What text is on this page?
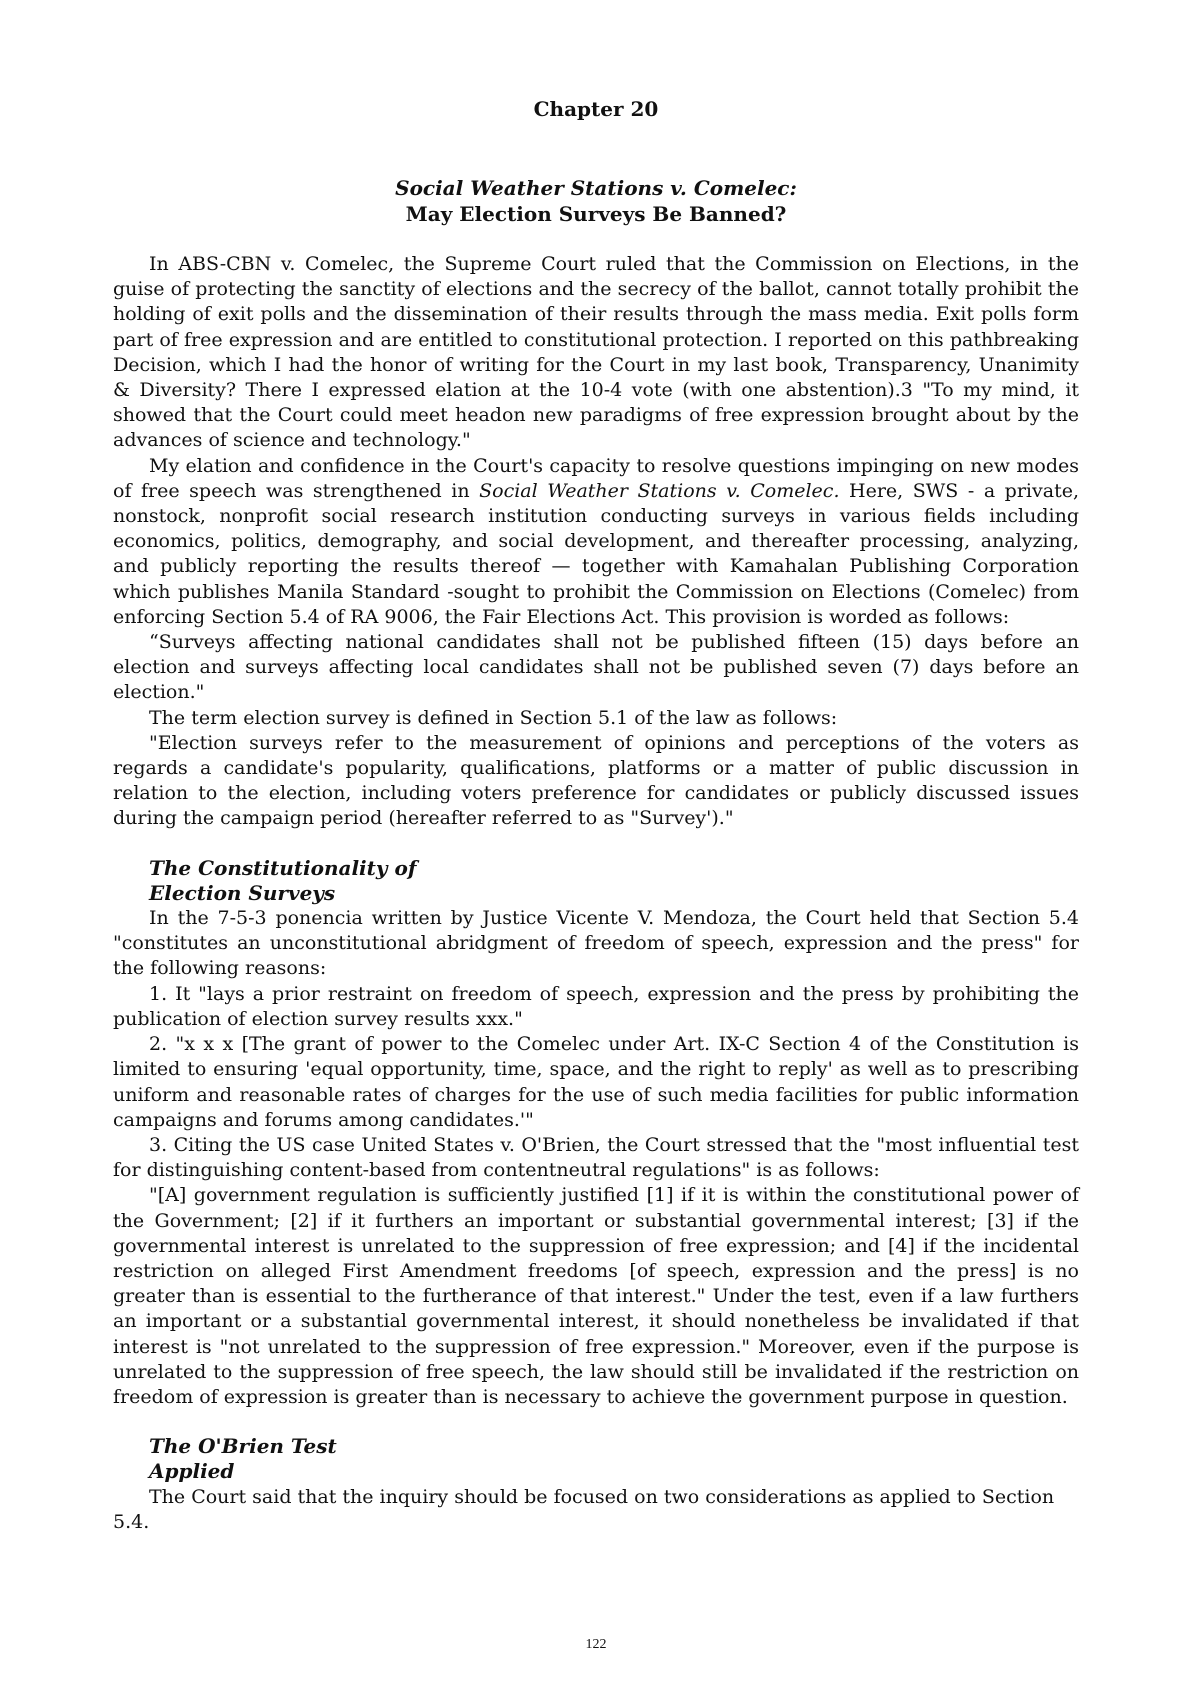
Chapter 20
Social Weather Stations v. Comelec:
May Election Surveys Be Banned?

In ABS-CBN v. Comelec, the Supreme Court ruled that the Commission on Elections, in the guise of protecting the sanctity of elections and the secrecy of the ballot, cannot totally prohibit the holding of exit polls and the dissemination of their results through the mass media. Exit polls form part of free expression and are entitled to constitutional protection. I reported on this pathbreaking Decision, which I had the honor of writing for the Court in my last book, Transparency, Unanimity & Diversity? There I expressed elation at the 10-4 vote (with one abstention).3 "To my mind, it showed that the Court could meet headon new paradigms of free expression brought about by the advances of science and technology."

My elation and confidence in the Court's capacity to resolve questions impinging on new modes of free speech was strengthened in Social Weather Stations v. Comelec. Here, SWS - a private, nonstock, nonprofit social research institution conducting surveys in various fields including economics, politics, demography, and social development, and thereafter processing, analyzing, and publicly reporting the results thereof — together with Kamahalan Publishing Corporation which publishes Manila Standard -sought to prohibit the Commission on Elections (Comelec) from enforcing Section 5.4 of RA 9006, the Fair Elections Act. This provision is worded as follows:

“Surveys affecting national candidates shall not be published fifteen (15) days before an election and surveys affecting local candidates shall not be published seven (7) days before an election."

The term election survey is defined in Section 5.1 of the law as follows:

"Election surveys refer to the measurement of opinions and perceptions of the voters as regards a candidate's popularity, qualifications, platforms or a matter of public discussion in relation to the election, including voters preference for candidates or publicly discussed issues during the campaign period (hereafter referred to as "Survey')."

The Constitutionality of
Election Surveys

In the 7-5-3 ponencia written by Justice Vicente V. Mendoza, the Court held that Section 5.4 "constitutes an unconstitutional abridgment of freedom of speech, expression and the press" for the following reasons:

1. It "lays a prior restraint on freedom of speech, expression and the press by prohibiting the publication of election survey results xxx."

2. "x x x [The grant of power to the Comelec under Art. IX-C Section 4 of the Constitution is limited to ensuring 'equal opportunity, time, space, and the right to reply' as well as to prescribing uniform and reasonable rates of charges for the use of such media facilities for public information campaigns and forums among candidates.'"

3. Citing the US case United States v. O'Brien, the Court stressed that the "most influential test for distinguishing content-based from contentneutral regulations" is as follows:

"[A] government regulation is sufficiently justified [1] if it is within the constitutional power of the Government; [2] if it furthers an important or substantial governmental interest; [3] if the governmental interest is unrelated to the suppression of free expression; and [4] if the incidental restriction on alleged First Amendment freedoms [of speech, expression and the press] is no greater than is essential to the furtherance of that interest." Under the test, even if a law furthers an important or a substantial governmental interest, it should nonetheless be invalidated if that interest is "not unrelated to the suppression of free expression." Moreover, even if the purpose is unrelated to the suppression of free speech, the law should still be invalidated if the restriction on freedom of expression is greater than is necessary to achieve the government purpose in question.

The O'Brien Test
Applied

The Court said that the inquiry should be focused on two considerations as applied to Section 5.4.

122
